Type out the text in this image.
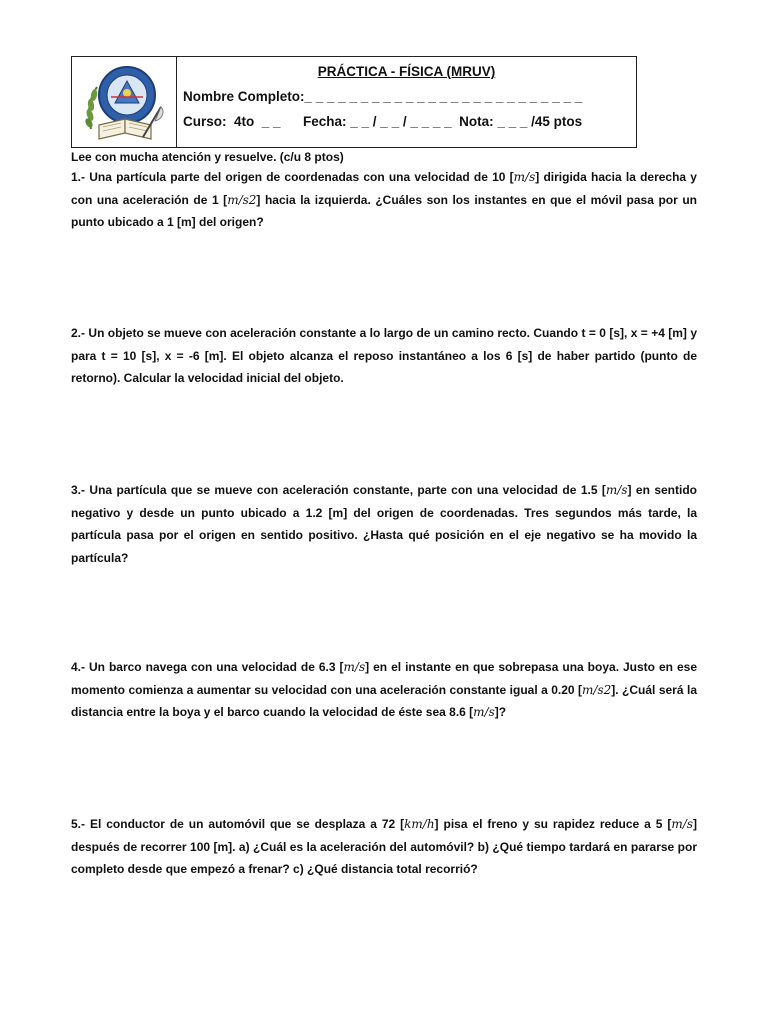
PRÁCTICA - FÍSICA (MRUV)
Nombre Completo:_ _ _ _ _ _ _ _ _ _ _ _ _ _ _ _ _ _ _ _ _ _ _ _ _
Curso:  4to  _ _      Fecha: _ _ / _ _ / _ _ _ _  Nota: _ _ _ /45 ptos
Lee con mucha atención y resuelve. (c/u 8 ptos)
1.- Una partícula parte del origen de coordenadas con una velocidad de 10 [m/s] dirigida hacia la derecha y con una aceleración de 1 [m/s2] hacia la izquierda. ¿Cuáles son los instantes en que el móvil pasa por un punto ubicado a 1 [m] del origen?
2.- Un objeto se mueve con aceleración constante a lo largo de un camino recto. Cuando t = 0 [s], x = +4 [m] y para t = 10 [s], x = -6 [m]. El objeto alcanza el reposo instantáneo a los 6 [s] de haber partido (punto de retorno). Calcular la velocidad inicial del objeto.
3.- Una partícula que se mueve con aceleración constante, parte con una velocidad de 1.5 [m/s] en sentido negativo y desde un punto ubicado a 1.2 [m] del origen de coordenadas. Tres segundos más tarde, la partícula pasa por el origen en sentido positivo. ¿Hasta qué posición en el eje negativo se ha movido la partícula?
4.- Un barco navega con una velocidad de 6.3 [m/s] en el instante en que sobrepasa una boya. Justo en ese momento comienza a aumentar su velocidad con una aceleración constante igual a 0.20 [m/s2]. ¿Cuál será la distancia entre la boya y el barco cuando la velocidad de éste sea 8.6 [m/s]?
5.- El conductor de un automóvil que se desplaza a 72 [km/h] pisa el freno y su rapidez reduce a 5 [m/s] después de recorrer 100 [m]. a) ¿Cuál es la aceleración del automóvil? b) ¿Qué tiempo tardará en pararse por completo desde que empezó a frenar? c) ¿Qué distancia total recorrió?
